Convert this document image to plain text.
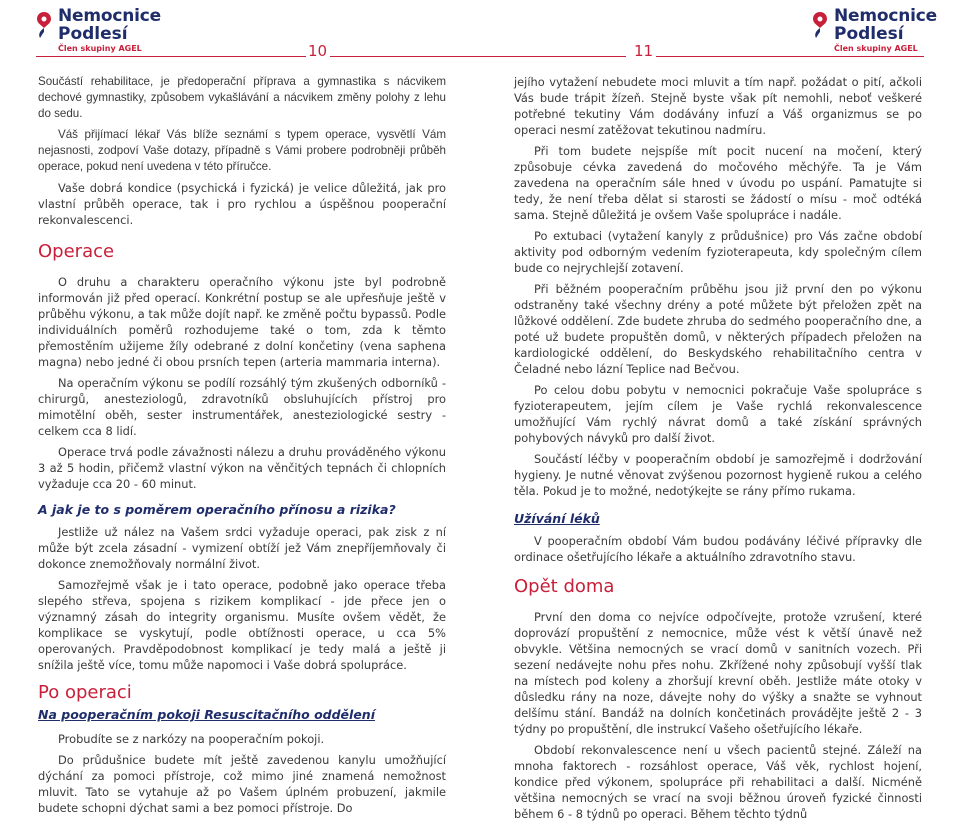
Nemocnice
Podlesí
Člen skupiny AGEL
Nemocnice
Podlesí
Člen skupiny AGEL
10	11

Součástí rehabilitace, je předoperační příprava a gymnastika s nácvikem dechové gymnastiky, způsobem vykašlávání a nácvikem změny polohy z lehu do sedu.

Váš přijímací lékař Vás blíže seznámí s typem operace, vysvětlí Vám nejasnosti, zodpoví Vaše dotazy, případně s Vámi probere podrobněji průběh operace, pokud není uvedena v této příručce.

Vaše dobrá kondice (psychická i fyzická) je velice důležitá, jak pro vlastní průběh operace, tak i pro rychlou a úspěšnou pooperační rekonvalescenci.

Operace

O druhu a charakteru operačního výkonu jste byl podrobně informován již před operací. Konkrétní postup se ale upřesňuje ještě v průběhu výkonu, a tak může dojít např. ke změně počtu bypassů. Podle individuálních poměrů rozhodujeme také o tom, zda k těmto přemostěním užijeme žíly odebrané z dolní končetiny (vena saphena magna) nebo jedné či obou prsních tepen (arteria mammaria interna).

Na operačním výkonu se podílí rozsáhlý tým zkušených odborníků - chirurgů, anesteziologů, zdravotníků obsluhujících přístroj pro mimotělní oběh, sester instrumentářek, anesteziologické sestry - celkem cca 8 lidí.

Operace trvá podle závažnosti nálezu a druhu prováděného výkonu 3 až 5 hodin, přičemž vlastní výkon na věnčitých tepnách či chlopních vyžaduje cca 20 - 60 minut.

A jak je to s poměrem operačního přínosu a rizika?

Jestliže už nález na Vašem srdci vyžaduje operaci, pak zisk z ní může být zcela zásadní - vymizení obtíží jež Vám znepříjemňovaly či dokonce znemožňovaly normální život.

Samozřejmě však je i tato operace, podobně jako operace třeba slepého střeva, spojena s rizikem komplikací - jde přece jen o významný zásah do integrity organismu. Musíte ovšem vědět, že komplikace se vyskytují, podle obtížnosti operace, u cca 5% operovaných. Pravděpodobnost komplikací je tedy malá a ještě ji snížila ještě více, tomu může napomoci i Vaše dobrá spolupráce.

Po operaci
Na pooperačním pokoji Resuscitačního oddělení

Probudíte se z narkózy na pooperačním pokoji.

Do průdušnice budete mít ještě zavedenou kanylu umožňující dýchání za pomoci přístroje, což mimo jiné znamená nemožnost mluvit. Tato se vytahuje až po Vašem úplném probuzení, jakmile budete schopni dýchat sami a bez pomoci přístroje. Do

jejího vytažení nebudete moci mluvit a tím např. požádat o pití, ačkoli Vás bude trápit žízeň. Stejně byste však pít nemohli, neboť veškeré potřebné tekutiny Vám dodávány infuzí a Váš organizmus se po operaci nesmí zatěžovat tekutinou nadmíru.

Při tom budete nejspíše mít pocit nucení na močení, který způsobuje cévka zavedená do močového měchýře. Ta je Vám zavedena na operačním sále hned v úvodu po uspání. Pamatujte si tedy, že není třeba dělat si starosti se žádostí o mísu - moč odtéká sama. Stejně důležitá je ovšem Vaše spolupráce i nadále.

Po extubaci (vytažení kanyly z průdušnice) pro Vás začne období aktivity pod odborným vedením fyzioterapeuta, kdy společným cílem bude co nejrychlejší zotavení.

Při běžném pooperačním průběhu jsou již první den po výkonu odstraněny také všechny drény a poté můžete být přeložen zpět na lůžkové oddělení. Zde budete zhruba do sedmého pooperačního dne, a poté už budete propuštěn domů, v některých případech přeložen na kardiologické oddělení, do Beskydského rehabilitačního centra v Čeladné nebo lázní Teplice nad Bečvou.

Po celou dobu pobytu v nemocnici pokračuje Vaše spolupráce s fyzioterapeutem, jejím cílem je Vaše rychlá rekonvalescence umožňující Vám rychlý návrat domů a také získání správných pohybových návyků pro další život.

Součástí léčby v pooperačním období je samozřejmě i dodržování hygieny. Je nutné věnovat zvýšenou pozornost hygieně rukou a celého těla. Pokud je to možné, nedotýkejte se rány přímo rukama.

Užívání léků

V pooperačním období Vám budou podávány léčivé přípravky dle ordinace ošetřujícího lékaře a aktuálního zdravotního stavu.

Opět doma

První den doma co nejvíce odpočívejte, protože vzrušení, které doprovází propuštění z nemocnice, může vést k větší únavě než obvykle. Většina nemocných se vrací domů v sanitních vozech. Při sezení nedávejte nohu přes nohu. Zkřížené nohy způsobují vyšší tlak na místech pod koleny a zhoršují krevní oběh. Jestliže máte otoky v důsledku rány na noze, dávejte nohy do výšky a snažte se vyhnout delšímu stání. Bandáž na dolních končetinách provádějte ještě 2 - 3 týdny po propuštění, dle instrukcí Vašeho ošetřujícího lékaře.

Období rekonvalescence není u všech pacientů stejné. Záleží na mnoha faktorech - rozsáhlost operace, Váš věk, rychlost hojení, kondice před výkonem, spolupráce při rehabilitaci a další. Nicméně většina nemocných se vrací na svoji běžnou úroveň fyzické činnosti během 6 - 8 týdnů po operaci. Během těchto týdnů
